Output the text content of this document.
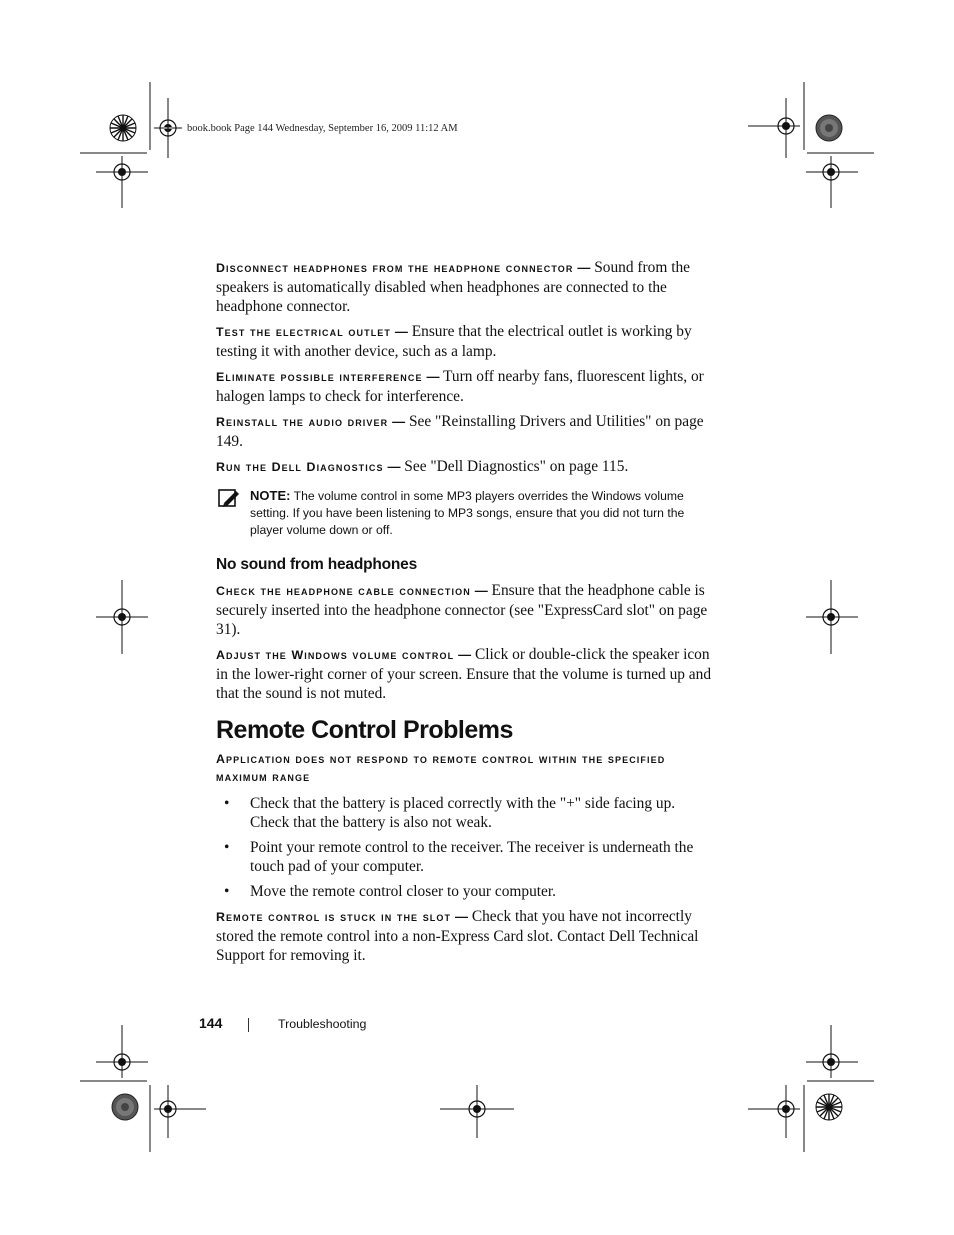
book.book Page 144 Wednesday, September 16, 2009 11:12 AM

Disconnect headphones from the headphone connector — Sound from the speakers is automatically disabled when headphones are connected to the headphone connector.

Test the electrical outlet — Ensure that the electrical outlet is working by testing it with another device, such as a lamp.

Eliminate possible interference — Turn off nearby fans, fluorescent lights, or halogen lamps to check for interference.

Reinstall the audio driver — See "Reinstalling Drivers and Utilities" on page 149.

Run the Dell Diagnostics — See "Dell Diagnostics" on page 115.

NOTE: The volume control in some MP3 players overrides the Windows volume setting. If you have been listening to MP3 songs, ensure that you did not turn the player volume down or off.
No sound from headphones

Check the headphone cable connection — Ensure that the headphone cable is securely inserted into the headphone connector (see "ExpressCard slot" on page 31).

Adjust the Windows volume control — Click or double-click the speaker icon in the lower-right corner of your screen. Ensure that the volume is turned up and that the sound is not muted.

Remote Control Problems
Application does not respond to remote control within the specified maximum range
• Check that the battery is placed correctly with the "+" side facing up. Check that the battery is also not weak.
• Point your remote control to the receiver. The receiver is underneath the touch pad of your computer.
• Move the remote control closer to your computer.

Remote control is stuck in the slot — Check that you have not incorrectly stored the remote control into a non-Express Card slot. Contact Dell Technical Support for removing it.

144	Troubleshooting
